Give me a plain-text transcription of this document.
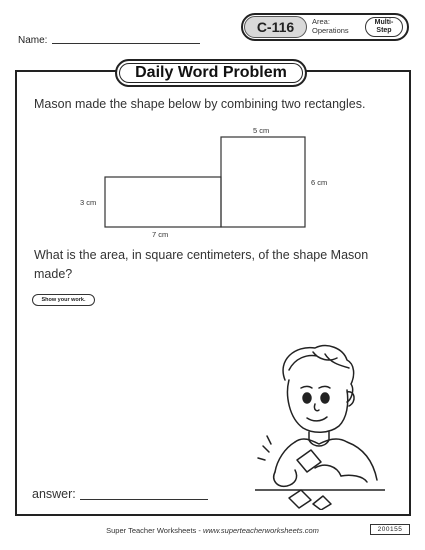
Name:
C-116	Area:
Operations
Multi-
Step
Daily Word Problem
Mason made the shape below by combining two rectangles.
5 cm
6 cm
3 cm
7 cm
What is the area, in square centimeters, of the shape Mason made?
Show your work.
answer:
Super Teacher Worksheets - www.superteacherworksheets.com	200155
